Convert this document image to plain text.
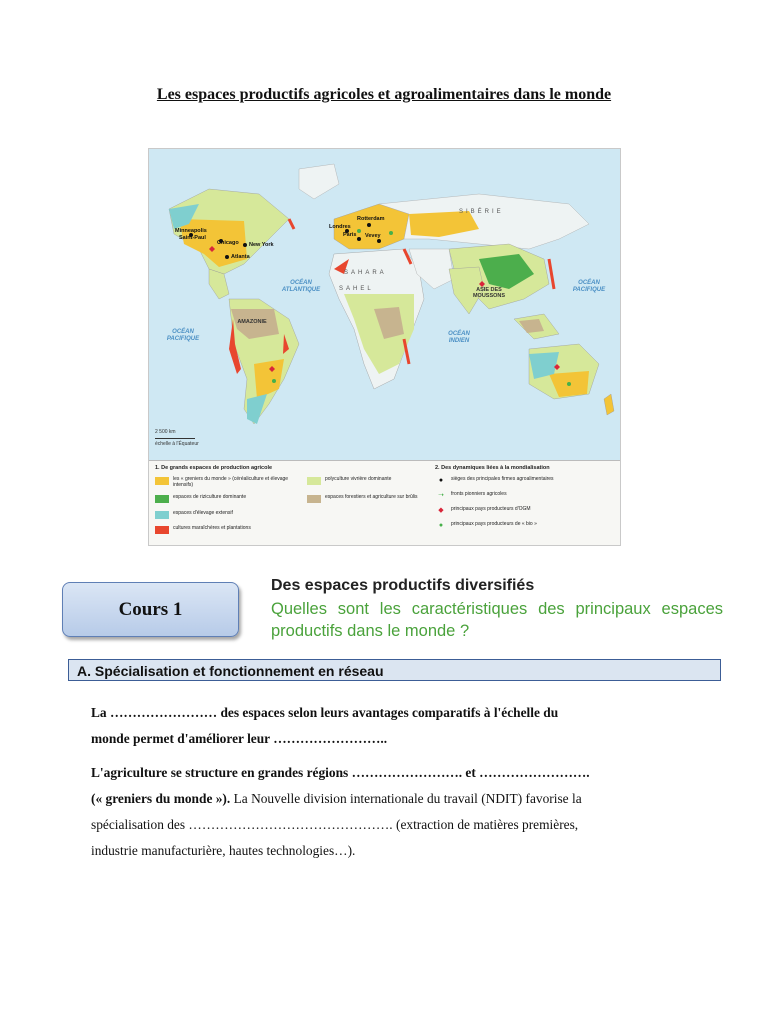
Les espaces productifs agricoles et agroalimentaires dans le monde
Minneapolis
Saint-Paul
Chicago New York
Atlanta
Rotterdam
Londres
Paris Vevey
OCÉAN ATLANTIQUE
OCÉAN PACIFIQUE
OCÉAN PACIFIQUE
OCÉAN INDIEN
SIBÉRIE
SAHARA
SAHEL
AMAZONIE
ASIE DES MOUSSONS
2 500 km
échelle à l'Équateur
1. De grands espaces de production agricole	2. Des dynamiques liées à la mondialisation
les « greniers du monde » (céréaliculture et élevage intensifs)
espaces de riziculture dominante
espaces d'élevage extensif
cultures maraîchères et plantations
polyculture vivrière dominante
espaces forestiers et agriculture sur brûlis
●	sièges des principales firmes agroalimentaires
➝	fronts pionniers agricoles
◆	principaux pays producteurs d'OGM
●	principaux pays producteurs de « bio »
Cours 1
Des espaces productifs diversifiés
Quelles sont les caractéristiques des principaux espaces productifs dans le monde ?
A. Spécialisation et fonctionnement en réseau
La …………………… des espaces selon leurs avantages comparatifs à l'échelle du
monde permet d'améliorer leur ……………………..
L'agriculture se structure en grandes régions ……………………. et …………………….
(« greniers du monde »). La Nouvelle division internationale du travail (NDIT) favorise la
spécialisation des ………………………………………. (extraction de matières premières,
industrie manufacturière, hautes technologies…).
